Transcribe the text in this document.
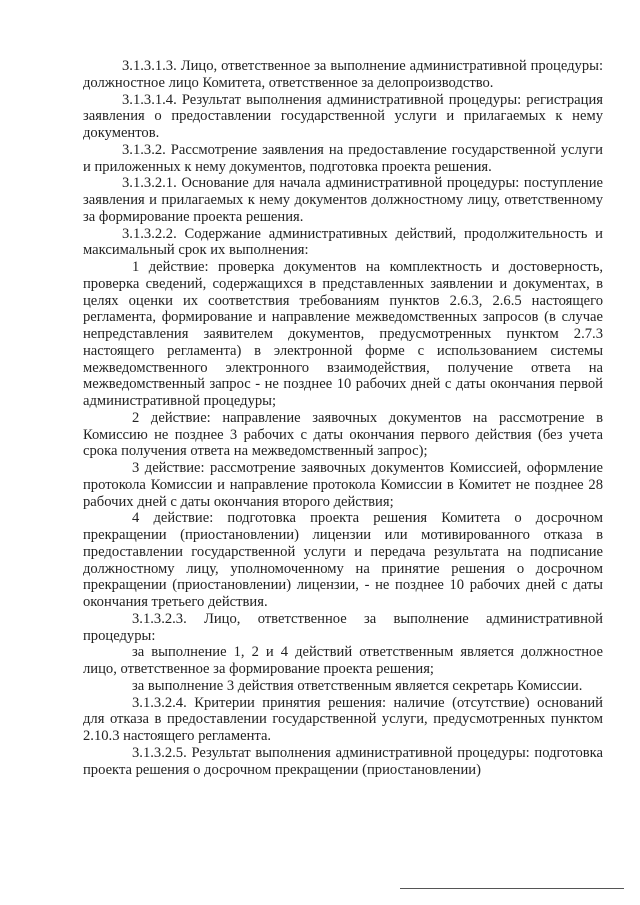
3.1.3.1.3. Лицо, ответственное за выполнение административной процедуры: должностное лицо Комитета, ответственное за делопроизводство.

3.1.3.1.4. Результат выполнения административной процедуры: регистрация заявления о предоставлении государственной услуги и прилагаемых к нему документов.

3.1.3.2. Рассмотрение заявления на предоставление государственной услуги и приложенных к нему документов, подготовка проекта решения.

3.1.3.2.1. Основание для начала административной процедуры: поступление заявления и прилагаемых к нему документов должностному лицу, ответственному за формирование проекта решения.

3.1.3.2.2. Содержание административных действий, продолжительность и максимальный срок их выполнения:

1 действие: проверка документов на комплектность и достоверность, проверка сведений, содержащихся в представленных заявлении и документах, в целях оценки их соответствия требованиям пунктов 2.6.3, 2.6.5 настоящего регламента, формирование и направление межведомственных запросов (в случае непредставления заявителем документов, предусмотренных пунктом 2.7.3 настоящего регламента) в электронной форме с использованием системы межведомственного электронного взаимодействия, получение ответа на межведомственный запрос - не позднее 10 рабочих дней с даты окончания первой административной процедуры;

2 действие: направление заявочных документов на рассмотрение в Комиссию не позднее 3 рабочих с даты окончания первого действия (без учета срока получения ответа на межведомственный запрос);

3 действие: рассмотрение заявочных документов Комиссией, оформление протокола Комиссии и направление протокола Комиссии в Комитет не позднее 28 рабочих дней с даты окончания второго действия;

4 действие: подготовка проекта решения Комитета о досрочном прекращении (приостановлении) лицензии или мотивированного отказа в предоставлении государственной услуги и передача результата на подписание должностному лицу, уполномоченному на принятие решения о досрочном прекращении (приостановлении) лицензии, - не позднее 10 рабочих дней с даты окончания третьего действия.

3.1.3.2.3. Лицо, ответственное за выполнение административной процедуры:

за выполнение 1, 2 и 4 действий ответственным является должностное лицо, ответственное за формирование проекта решения;

за выполнение 3 действия ответственным является секретарь Комиссии.

3.1.3.2.4. Критерии принятия решения: наличие (отсутствие) оснований для отказа в предоставлении государственной услуги, предусмотренных пунктом 2.10.3 настоящего регламента.

3.1.3.2.5. Результат выполнения административной процедуры: подготовка проекта решения о досрочном прекращении (приостановлении)
